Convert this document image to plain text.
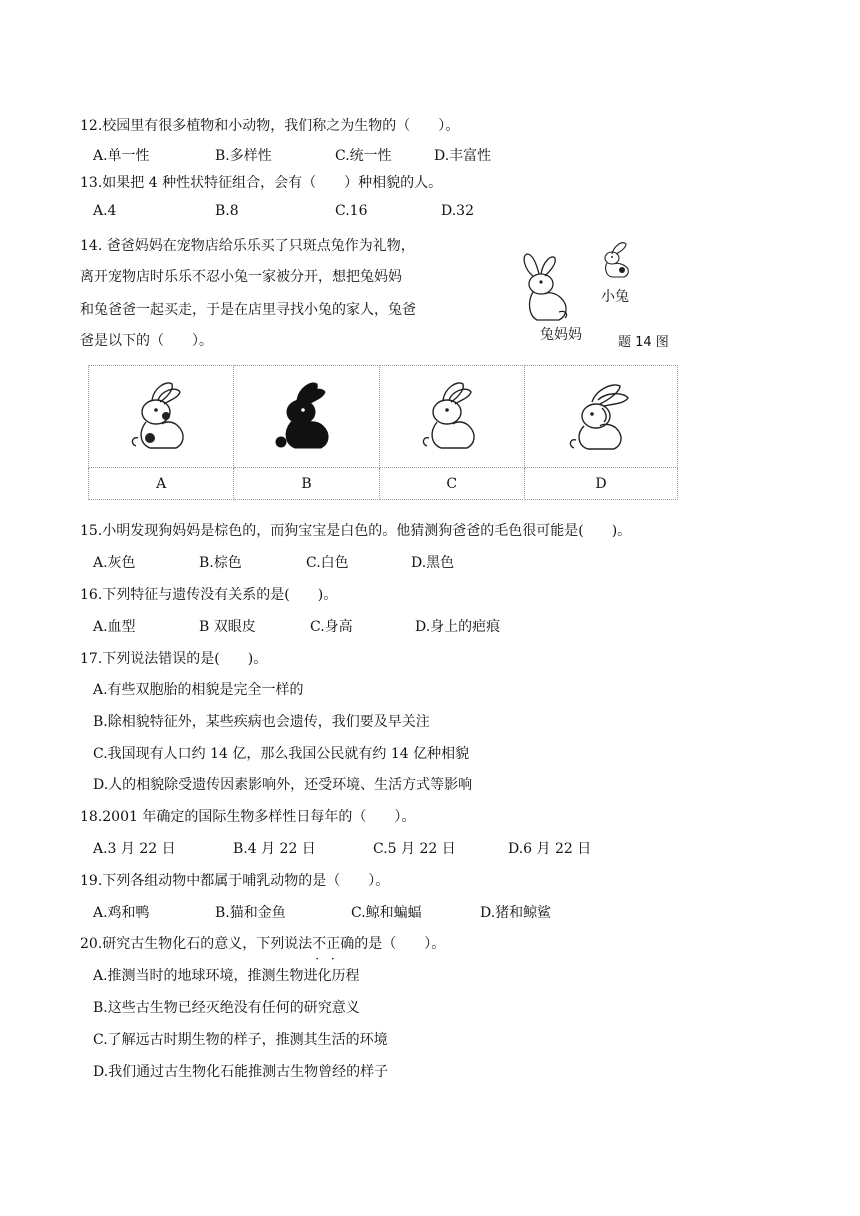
12.校园里有很多植物和小动物，我们称之为生物的（　　）。
A.单一性	B.多样性	C.统一性	D.丰富性
13.如果把 4 种性状特征组合，会有（　　）种相貌的人。
A.4	B.8	C.16	D.32
14. 爸爸妈妈在宠物店给乐乐买了只斑点兔作为礼物，
离开宠物店时乐乐不忍小兔一家被分开，想把兔妈妈
和兔爸爸一起买走，于是在店里寻找小兔的家人，兔爸
爸是以下的（　　）。	兔妈妈
小兔
题 14 图

A	B	C	D
15.小明发现狗妈妈是棕色的，而狗宝宝是白色的。他猜测狗爸爸的毛色很可能是(　　)。
A.灰色	B.棕色	C.白色	D.黑色
16.下列特征与遗传没有关系的是(　　)。
A.血型	B 双眼皮	C.身高	D.身上的疤痕
17.下列说法错误的是(　　)。
A.有些双胞胎的相貌是完全一样的
B.除相貌特征外，某些疾病也会遗传，我们要及早关注
C.我国现有人口约 14 亿，那么我国公民就有约 14 亿种相貌
D.人的相貌除受遗传因素影响外，还受环境、生活方式等影响
18.2001 年确定的国际生物多样性日每年的（　　）。
A.3 月 22 日	B.4 月 22 日	C.5 月 22 日	D.6 月 22 日
19.下列各组动物中都属于哺乳动物的是（　　）。
A.鸡和鸭	B.猫和金鱼	C.鲸和蝙蝠	D.猪和鲸鲨
20.研究古生物化石的意义，下列说法不正确 · ·的是（　　）。
A.推测当时的地球环境，推测生物进化历程
B.这些古生物已经灭绝没有任何的研究意义
C.了解远古时期生物的样子，推测其生活的环境
D.我们通过古生物化石能推测古生物曾经的样子
